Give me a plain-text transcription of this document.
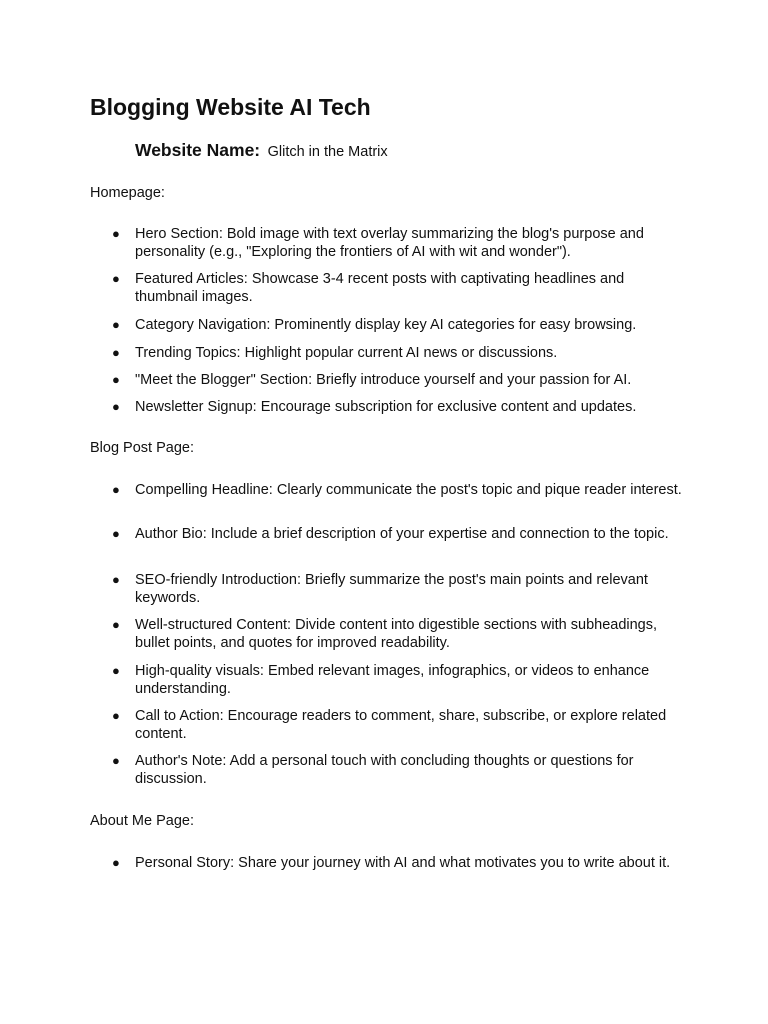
Blogging Website AI Tech
Website Name: Glitch in the Matrix

Homepage:

● Hero Section: Bold image with text overlay summarizing the blog's purpose and personality (e.g., "Exploring the frontiers of AI with wit and wonder").
● Featured Articles: Showcase 3-4 recent posts with captivating headlines and thumbnail images.
● Category Navigation: Prominently display key AI categories for easy browsing.
● Trending Topics: Highlight popular current AI news or discussions.
● "Meet the Blogger" Section: Briefly introduce yourself and your passion for AI.
● Newsletter Signup: Encourage subscription for exclusive content and updates.

Blog Post Page:

● Compelling Headline: Clearly communicate the post's topic and pique reader interest.
● Author Bio: Include a brief description of your expertise and connection to the topic.
● SEO-friendly Introduction: Briefly summarize the post's main points and relevant keywords.
● Well-structured Content: Divide content into digestible sections with subheadings, bullet points, and quotes for improved readability.
● High-quality visuals: Embed relevant images, infographics, or videos to enhance understanding.
● Call to Action: Encourage readers to comment, share, subscribe, or explore related content.
● Author's Note: Add a personal touch with concluding thoughts or questions for discussion.

About Me Page:

● Personal Story: Share your journey with AI and what motivates you to write about it.
